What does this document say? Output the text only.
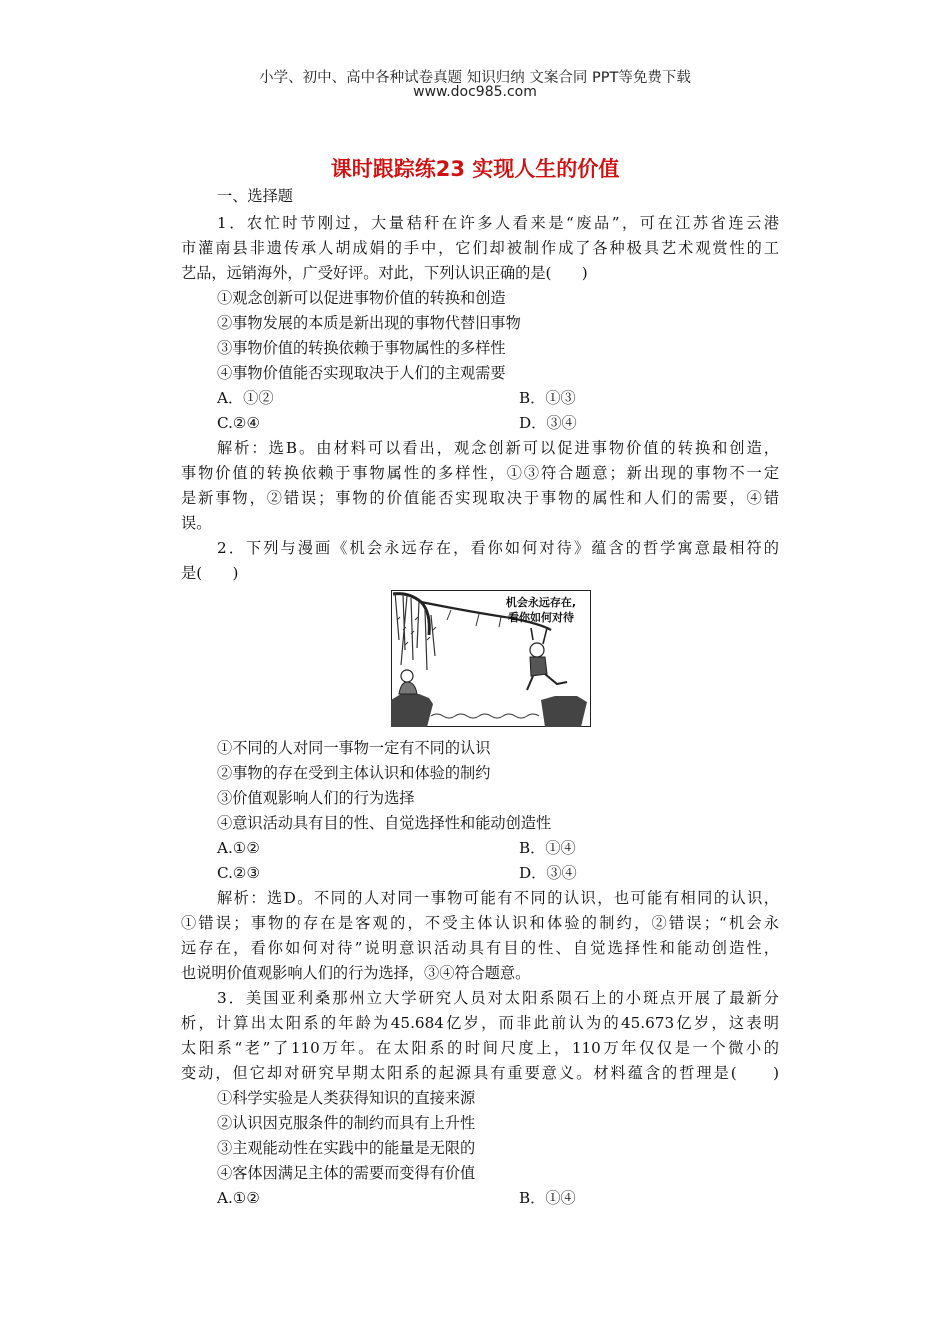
小学、初中、高中各种试卷真题 知识归纳 文案合同 PPT等免费下载
www.doc985.com
课时跟踪练23 实现人生的价值
一、选择题
1．农忙时节刚过，大量秸秆在许多人看来是“废品”，可在江苏省连云港
市灌南县非遗传承人胡成娟的手中，它们却被制作成了各种极具艺术观赏性的工
艺品，远销海外，广受好评。对此，下列认识正确的是(　　)
①观念创新可以促进事物价值的转换和创造
②事物发展的本质是新出现的事物代替旧事物
③事物价值的转换依赖于事物属性的多样性
④事物价值能否实现取决于人们的主观需要
A．①②	B．①③
C.②④	D．③④
解析：选B。由材料可以看出，观念创新可以促进事物价值的转换和创造，
事物价值的转换依赖于事物属性的多样性，①③符合题意；新出现的事物不一定
是新事物，②错误；事物的价值能否实现取决于事物的属性和人们的需要，④错
误。
2．下列与漫画《机会永远存在，看你如何对待》蕴含的哲学寓意最相符的
是(　　)
机会永远存在,
看你如何对待
①不同的人对同一事物一定有不同的认识
②事物的存在受到主体认识和体验的制约
③价值观影响人们的行为选择
④意识活动具有目的性、自觉选择性和能动创造性
A.①②	B．①④
C.②③	D．③④
解析：选D。不同的人对同一事物可能有不同的认识，也可能有相同的认识，
①错误；事物的存在是客观的，不受主体认识和体验的制约，②错误；“机会永
远存在，看你如何对待”说明意识活动具有目的性、自觉选择性和能动创造性，
也说明价值观影响人们的行为选择，③④符合题意。
3．美国亚利桑那州立大学研究人员对太阳系陨石上的小斑点开展了最新分
析，计算出太阳系的年龄为45.684亿岁，而非此前认为的45.673亿岁，这表明
太阳系“老”了110万年。在太阳系的时间尺度上，110万年仅仅是一个微小的
变动，但它却对研究早期太阳系的起源具有重要意义。材料蕴含的哲理是(　　)
①科学实验是人类获得知识的直接来源
②认识因克服条件的制约而具有上升性
③主观能动性在实践中的能量是无限的
④客体因满足主体的需要而变得有价值
A.①②	B．①④
